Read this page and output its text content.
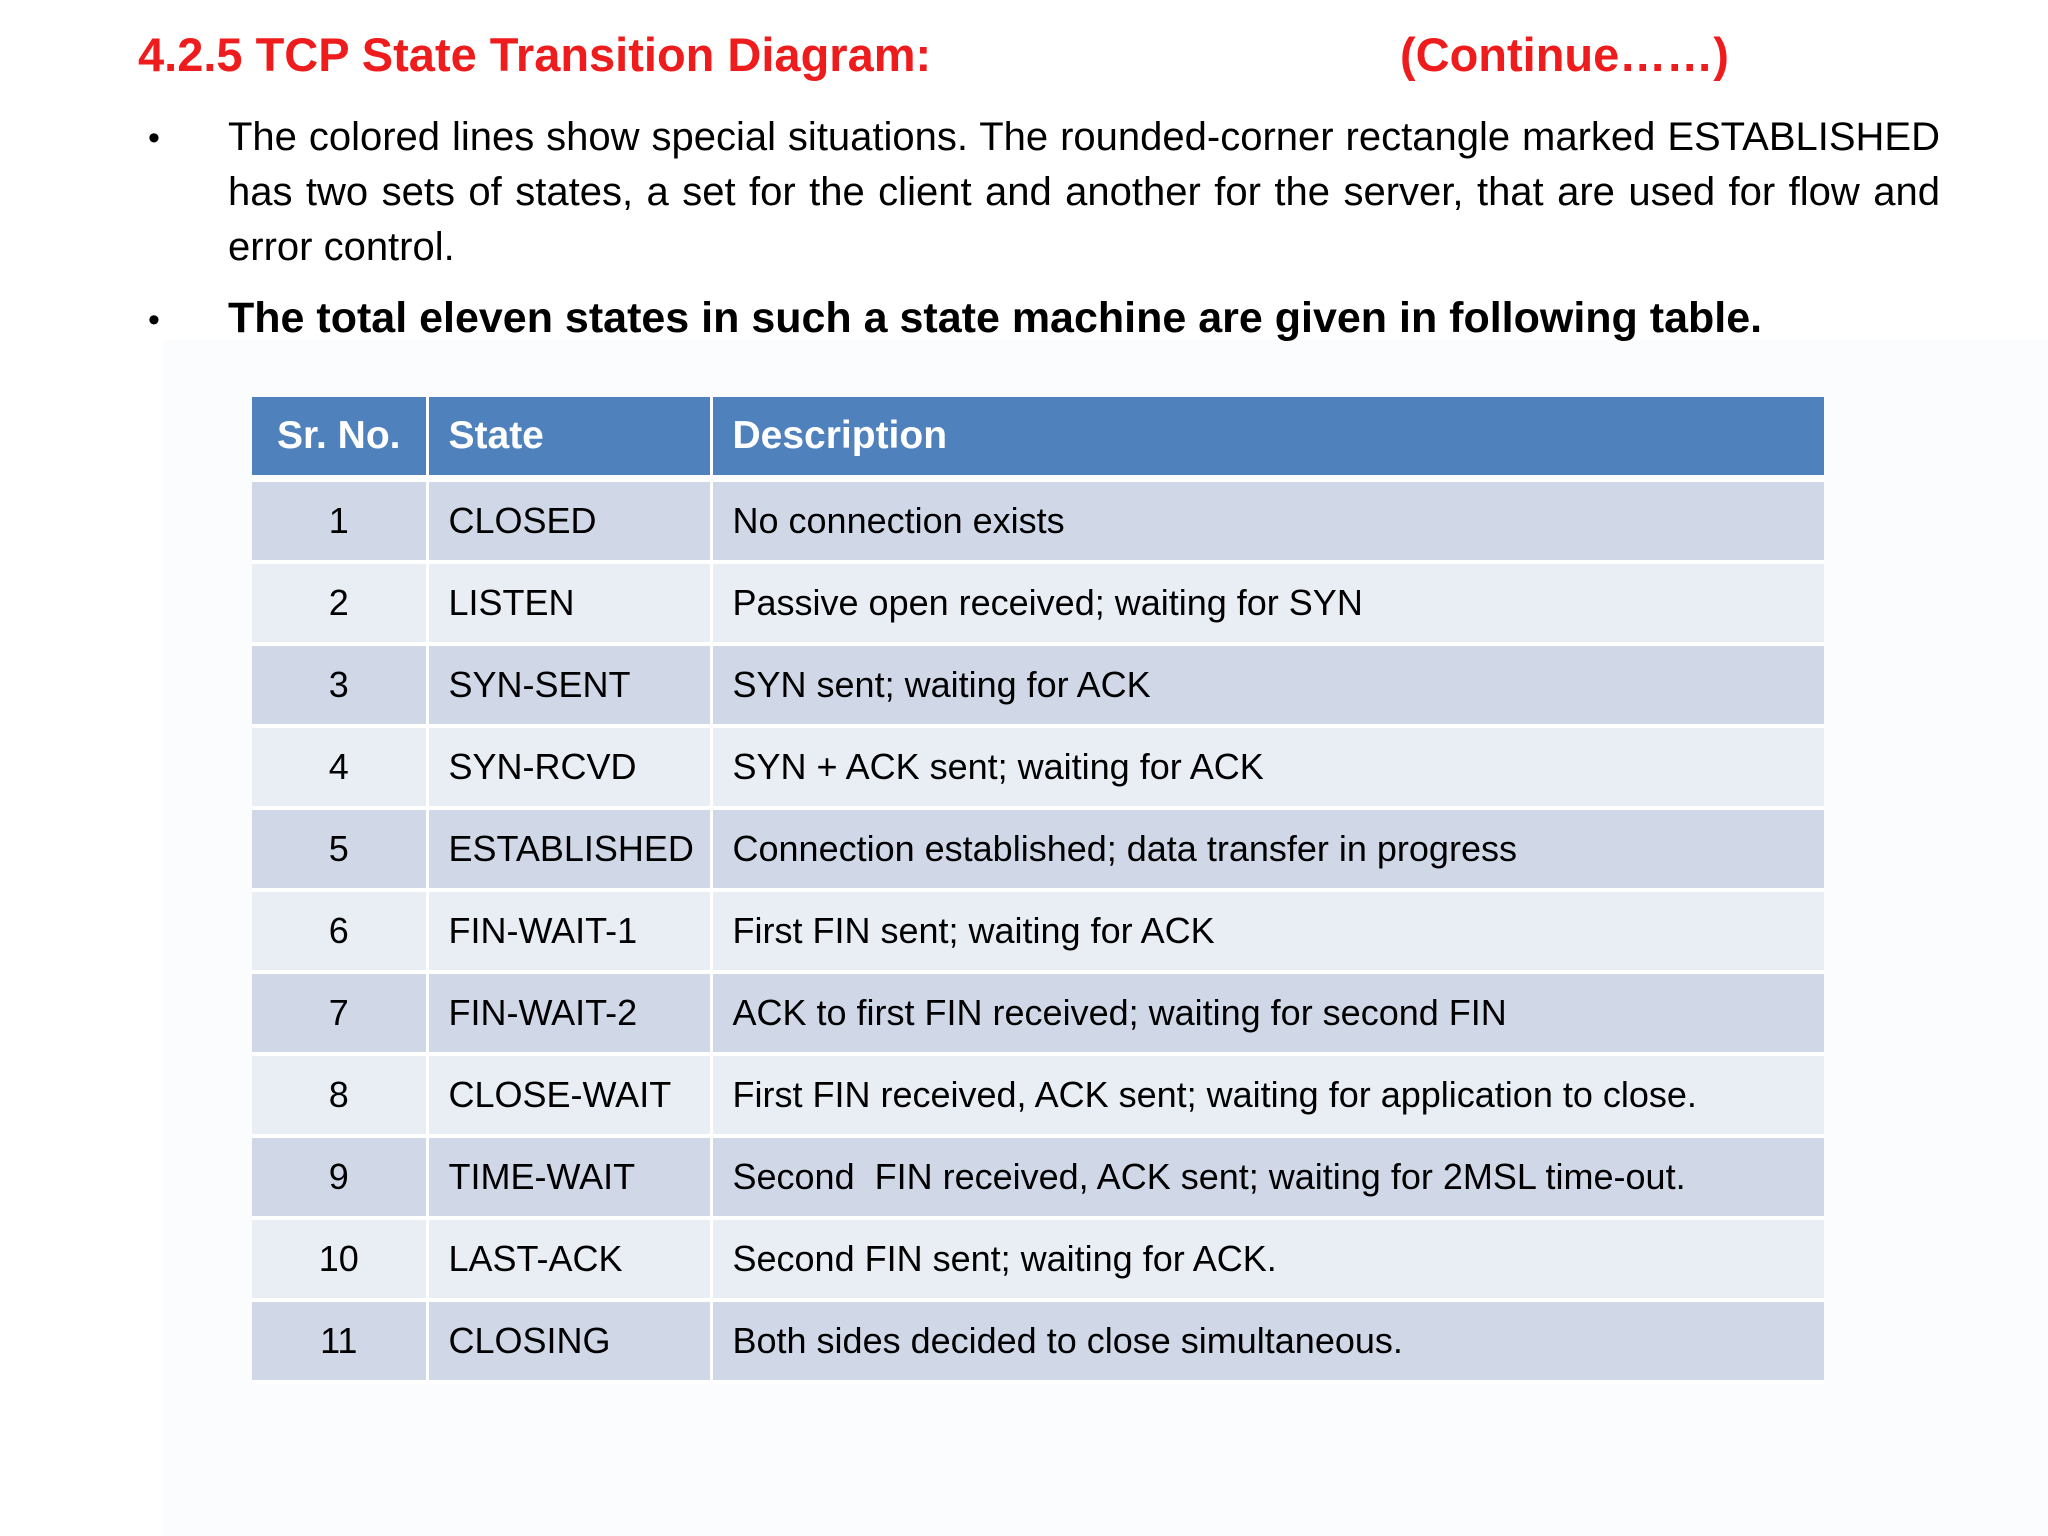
4.2.5 TCP State Transition Diagram:	(Continue……)
• The colored lines show special situations. The rounded-corner rectangle marked ESTABLISHED has two sets of states, a set for the client and another for the server, that are used for flow and error control.
• The total eleven states in such a state machine are given in following table.
Sr. No.	State	Description
1	CLOSED	No connection exists
2	LISTEN	Passive open received; waiting for SYN
3	SYN-SENT	SYN sent; waiting for ACK
4	SYN-RCVD	SYN + ACK sent; waiting for ACK
5	ESTABLISHED	Connection established; data transfer in progress
6	FIN-WAIT-1	First FIN sent; waiting for ACK
7	FIN-WAIT-2	ACK to first FIN received; waiting for second FIN
8	CLOSE-WAIT	First FIN received, ACK sent; waiting for application to close.
9	TIME-WAIT	Second  FIN received, ACK sent; waiting for 2MSL time-out.
10	LAST-ACK	Second FIN sent; waiting for ACK.
11	CLOSING	Both sides decided to close simultaneous.
